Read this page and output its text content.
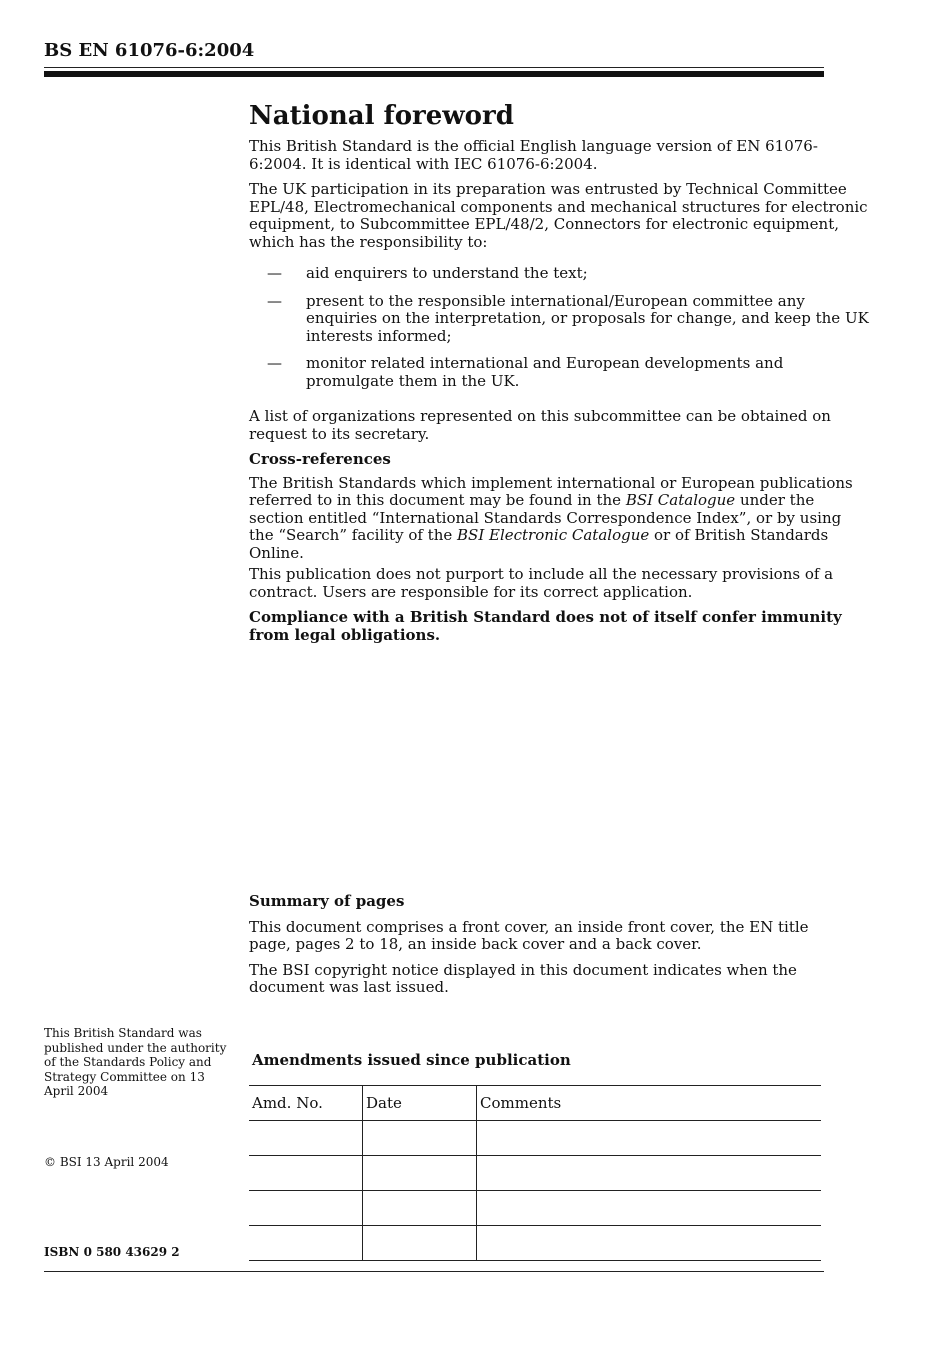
BS EN 61076-6:2004
National foreword

This British Standard is the official English language version of EN 61076-6:2004. It is identical with IEC 61076-6:2004.

The UK participation in its preparation was entrusted by Technical Committee EPL/48, Electromechanical components and mechanical structures for electronic equipment, to Subcommittee EPL/48/2, Connectors for electronic equipment, which has the responsibility to:

—	aid enquirers to understand the text;
—	present to the responsible international/European committee any enquiries on the interpretation, or proposals for change, and keep the UK interests informed;
—	monitor related international and European developments and promulgate them in the UK.

A list of organizations represented on this subcommittee can be obtained on request to its secretary.

Cross-references

The British Standards which implement international or European publications referred to in this document may be found in the BSI Catalogue under the section entitled “International Standards Correspondence Index”, or by using the “Search” facility of the BSI Electronic Catalogue or of British Standards Online.

This publication does not purport to include all the necessary provisions of a contract. Users are responsible for its correct application.

Compliance with a British Standard does not of itself confer immunity from legal obligations.

Summary of pages

This document comprises a front cover, an inside front cover, the EN title page, pages 2 to 18, an inside back cover and a back cover.

The BSI copyright notice displayed in this document indicates when the document was last issued.

This British Standard was published under the authority of the Standards Policy and Strategy Committee on 13 April 2004
© BSI 13 April 2004
ISBN 0 580 43629 2
Amendments issued since publication
Amd. No.	Date	Comments
